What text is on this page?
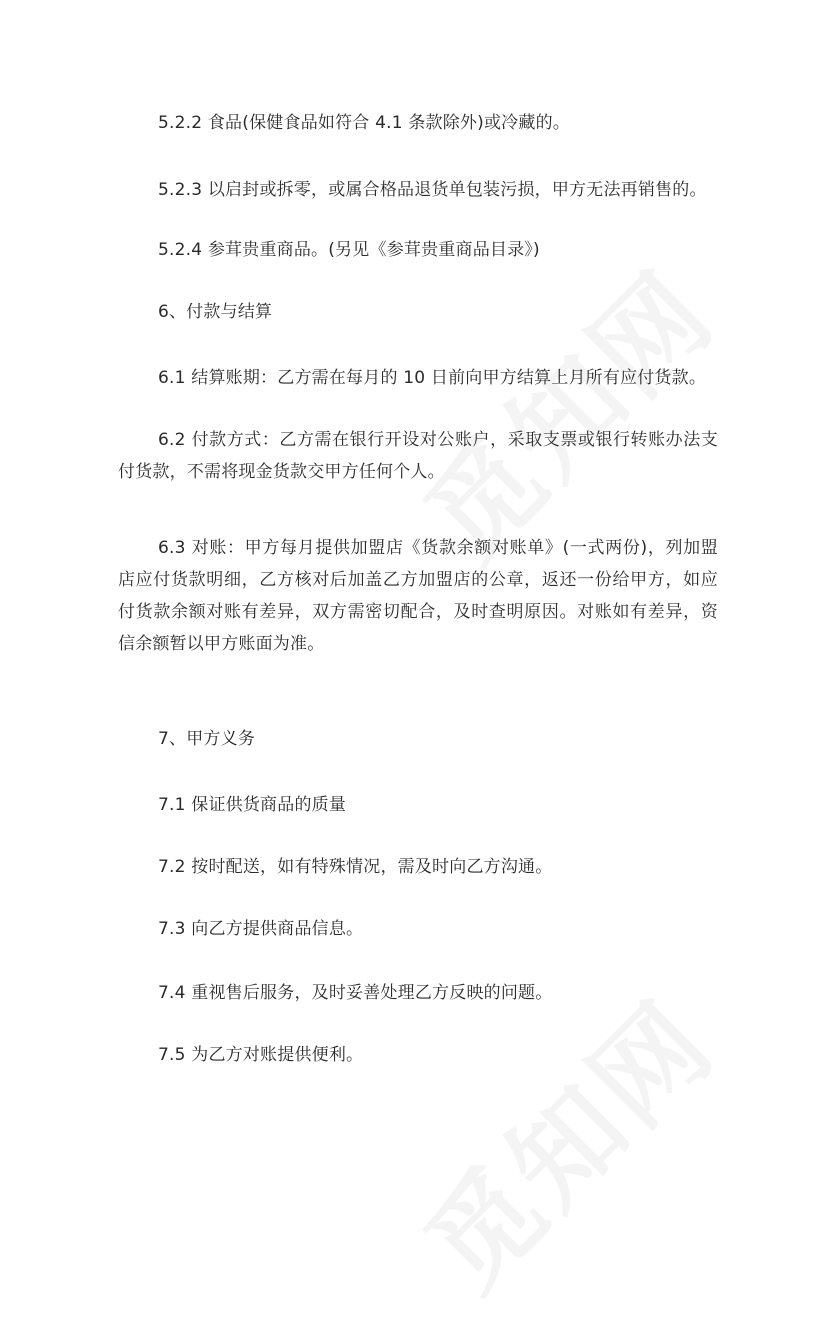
5.2.2 食品(保健食品如符合 4.1 条款除外)或冷藏的。

5.2.3 以启封或拆零，或属合格品退货单包装污损，甲方无法再销售的。

5.2.4 参茸贵重商品。(另见《参茸贵重商品目录》)

6、付款与结算

6.1 结算账期：乙方需在每月的 10 日前向甲方结算上月所有应付货款。

6.2 付款方式：乙方需在银行开设对公账户，采取支票或银行转账办法支付货款，不需将现金货款交甲方任何个人。

6.3 对账：甲方每月提供加盟店《货款余额对账单》(一式两份)，列加盟店应付货款明细，乙方核对后加盖乙方加盟店的公章，返还一份给甲方，如应付货款余额对账有差异，双方需密切配合，及时查明原因。对账如有差异，资信余额暂以甲方账面为准。

7、甲方义务

7.1 保证供货商品的质量

7.2 按时配送，如有特殊情况，需及时向乙方沟通。

7.3 向乙方提供商品信息。

7.4 重视售后服务，及时妥善处理乙方反映的问题。

7.5 为乙方对账提供便利。
